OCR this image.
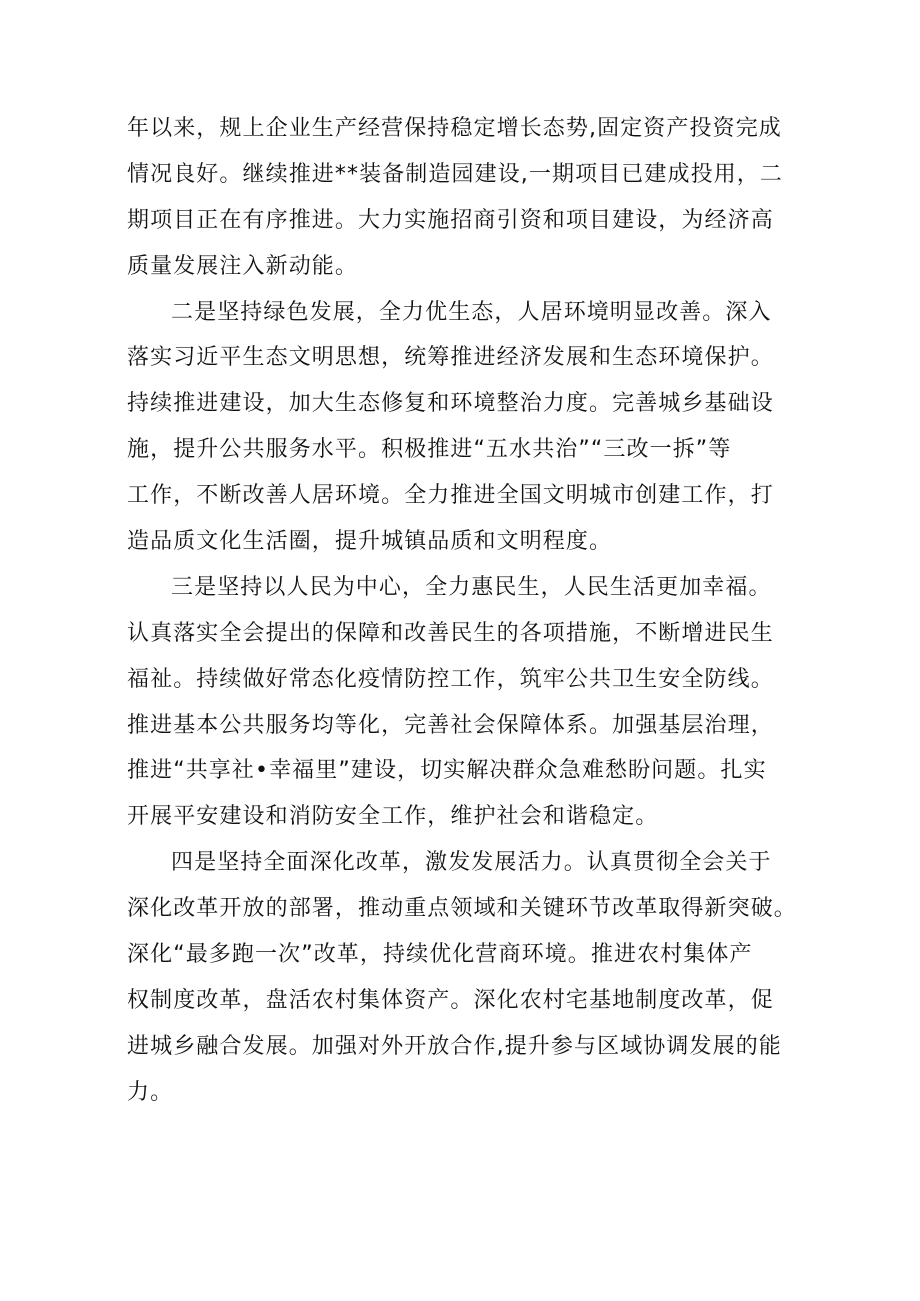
年以来，规上企业生产经营保持稳定增长态势,固定资产投资完成
情况良好。继续推进**装备制造园建设,一期项目已建成投用，二
期项目正在有序推进。大力实施招商引资和项目建设，为经济高
质量发展注入新动能。
二是坚持绿色发展，全力优生态，人居环境明显改善。深入
落实习近平生态文明思想，统筹推进经济发展和生态环境保护。
持续推进建设，加大生态修复和环境整治力度。完善城乡基础设
施，提升公共服务水平。积极推进“五水共治”“三改一拆”等
工作，不断改善人居环境。全力推进全国文明城市创建工作，打
造品质文化生活圈，提升城镇品质和文明程度。
三是坚持以人民为中心，全力惠民生，人民生活更加幸福。
认真落实全会提出的保障和改善民生的各项措施，不断增进民生
福祉。持续做好常态化疫情防控工作，筑牢公共卫生安全防线。
推进基本公共服务均等化，完善社会保障体系。加强基层治理，
推进“共享社•幸福里”建设，切实解决群众急难愁盼问题。扎实
开展平安建设和消防安全工作，维护社会和谐稳定。
四是坚持全面深化改革，激发发展活力。认真贯彻全会关于
深化改革开放的部署，推动重点领域和关键环节改革取得新突破。
深化“最多跑一次”改革，持续优化营商环境。推进农村集体产
权制度改革，盘活农村集体资产。深化农村宅基地制度改革，促
进城乡融合发展。加强对外开放合作,提升参与区域协调发展的能
力。
